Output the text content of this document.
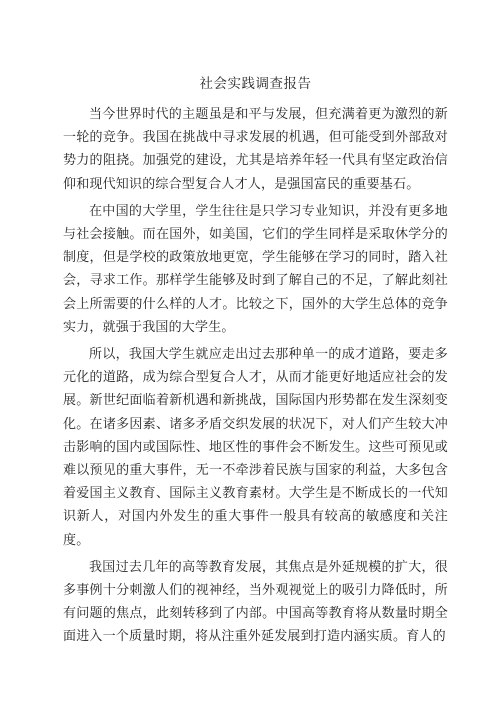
社会实践调查报告

当今世界时代的主题虽是和平与发展，但充满着更为激烈的新一轮的竞争。我国在挑战中寻求发展的机遇，但可能受到外部敌对势力的阻挠。加强党的建设，尤其是培养年轻一代具有坚定政治信仰和现代知识的综合型复合人才人，是强国富民的重要基石。

在中国的大学里，学生往往是只学习专业知识，并没有更多地与社会接触。而在国外，如美国，它们的学生同样是采取休学分的制度，但是学校的政策放地更宽，学生能够在学习的同时，踏入社会，寻求工作。那样学生能够及时到了解自己的不足，了解此刻社会上所需要的什么样的人才。比较之下，国外的大学生总体的竞争实力，就强于我国的大学生。

所以，我国大学生就应走出过去那种单一的成才道路，要走多元化的道路，成为综合型复合人才，从而才能更好地适应社会的发展。新世纪面临着新机遇和新挑战，国际国内形势都在发生深刻变化。在诸多因素、诸多矛盾交织发展的状况下，对人们产生较大冲击影响的国内或国际性、地区性的事件会不断发生。这些可预见或难以预见的重大事件，无一不牵涉着民族与国家的利益，大多包含着爱国主义教育、国际主义教育素材。大学生是不断成长的一代知识新人，对国内外发生的重大事件一般具有较高的敏感度和关注度。

我国过去几年的高等教育发展，其焦点是外延规模的扩大，很多事例十分刺激人们的视神经，当外观视觉上的吸引力降低时，所有问题的焦点，此刻转移到了内部。中国高等教育将从数量时期全面进入一个质量时期，将从注重外延发展到打造内涵实质。育人的
